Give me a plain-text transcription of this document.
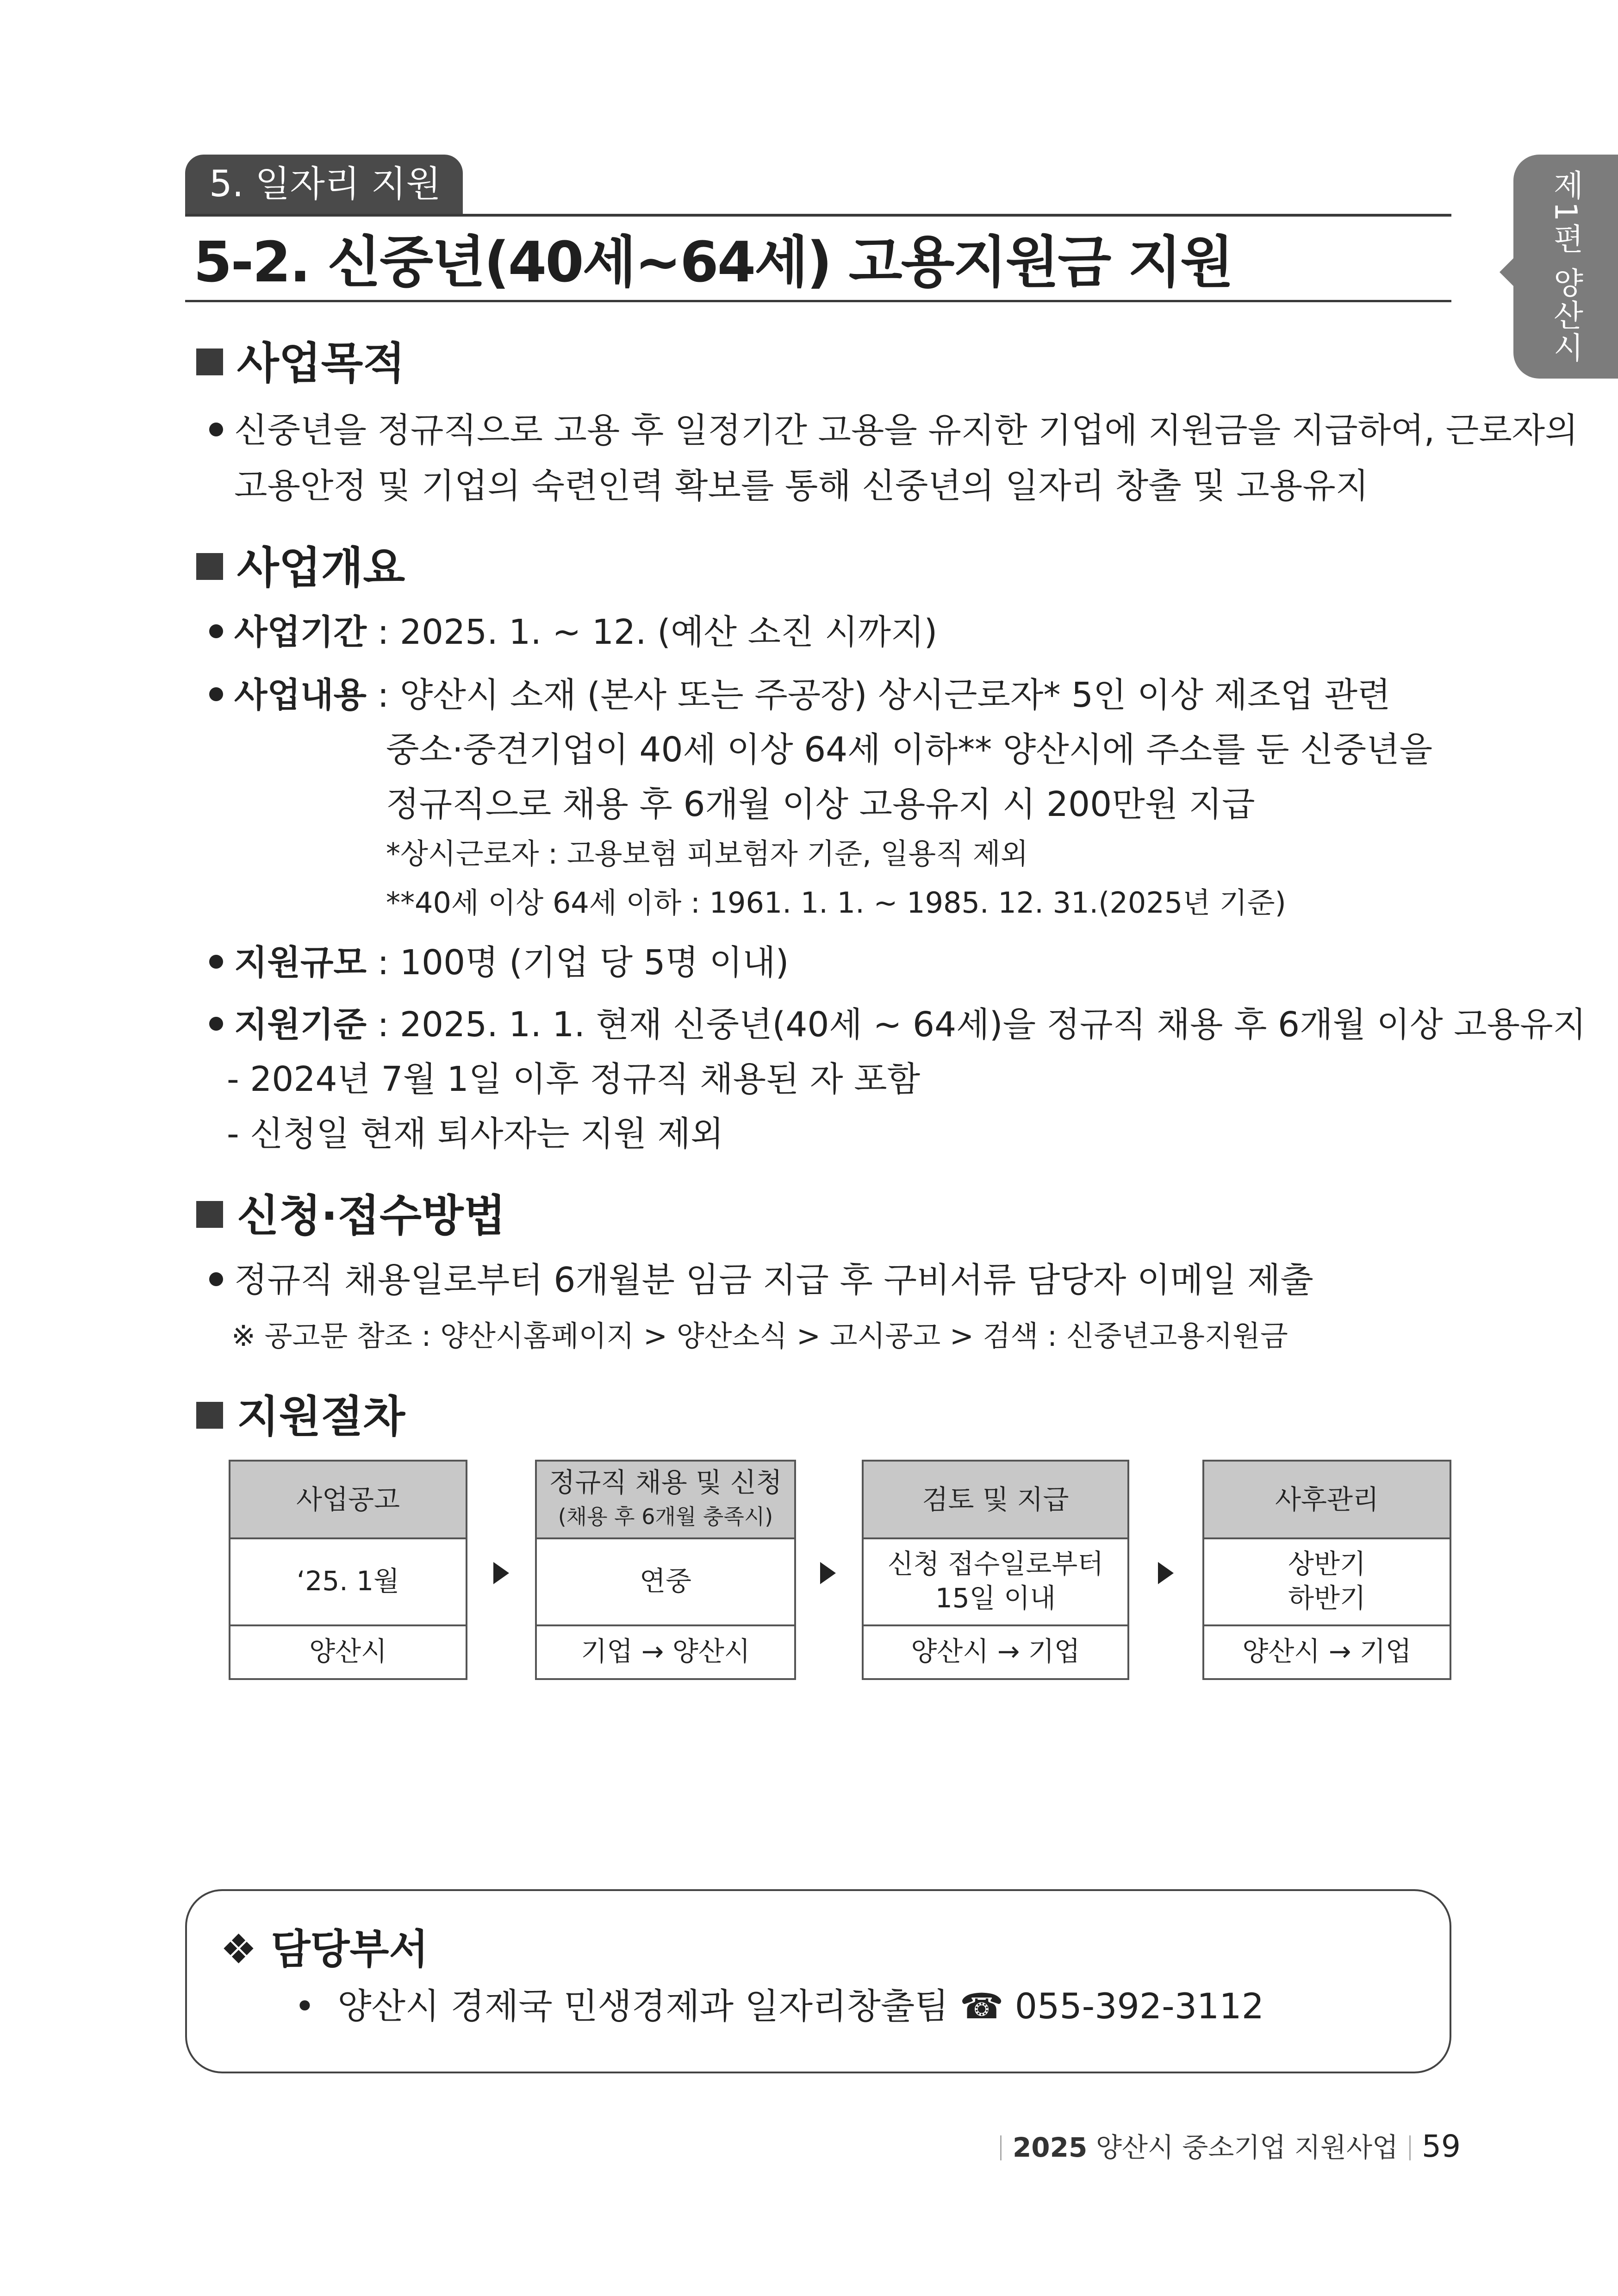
5. 일자리 지원
5-2. 신중년(40세~64세) 고용지원금 지원	제1편 양산시
사업목적
신중년을 정규직으로 고용 후 일정기간 고용을 유지한 기업에 지원금을 지급하여, 근로자의
고용안정 및 기업의 숙련인력 확보를 통해 신중년의 일자리 창출 및 고용유지
사업개요
사업기간 : 2025. 1. ~ 12. (예산 소진 시까지)
사업내용 : 양산시 소재 (본사 또는 주공장) 상시근로자* 5인 이상 제조업 관련
중소·중견기업이 40세 이상 64세 이하** 양산시에 주소를 둔 신중년을
정규직으로 채용 후 6개월 이상 고용유지 시 200만원 지급
*상시근로자 : 고용보험 피보험자 기준, 일용직 제외
**40세 이상 64세 이하 : 1961. 1. 1. ~ 1985. 12. 31.(2025년 기준)
지원규모 : 100명 (기업 당 5명 이내)
지원기준 : 2025. 1. 1. 현재 신중년(40세 ~ 64세)을 정규직 채용 후 6개월 이상 고용유지
- 2024년 7월 1일 이후 정규직 채용된 자 포함
- 신청일 현재 퇴사자는 지원 제외
신청·접수방법
정규직 채용일로부터 6개월분 임금 지급 후 구비서류 담당자 이메일 제출
※ 공고문 참조 : 양산시홈페이지 > 양산소식 > 고시공고 > 검색 : 신중년고용지원금
지원절차
사업공고
‘25. 1월
양산시
정규직 채용 및 신청
(채용 후 6개월 충족시)
연중
기업 → 양산시
검토 및 지급
신청 접수일로부터
15일 이내
양산시 → 기업
사후관리
상반기
하반기
양산시 → 기업
❖ 담당부서
• 양산시 경제국 민생경제과 일자리창출팀 ☎ 055-392-3112
2025 양산시 중소기업 지원사업 59
